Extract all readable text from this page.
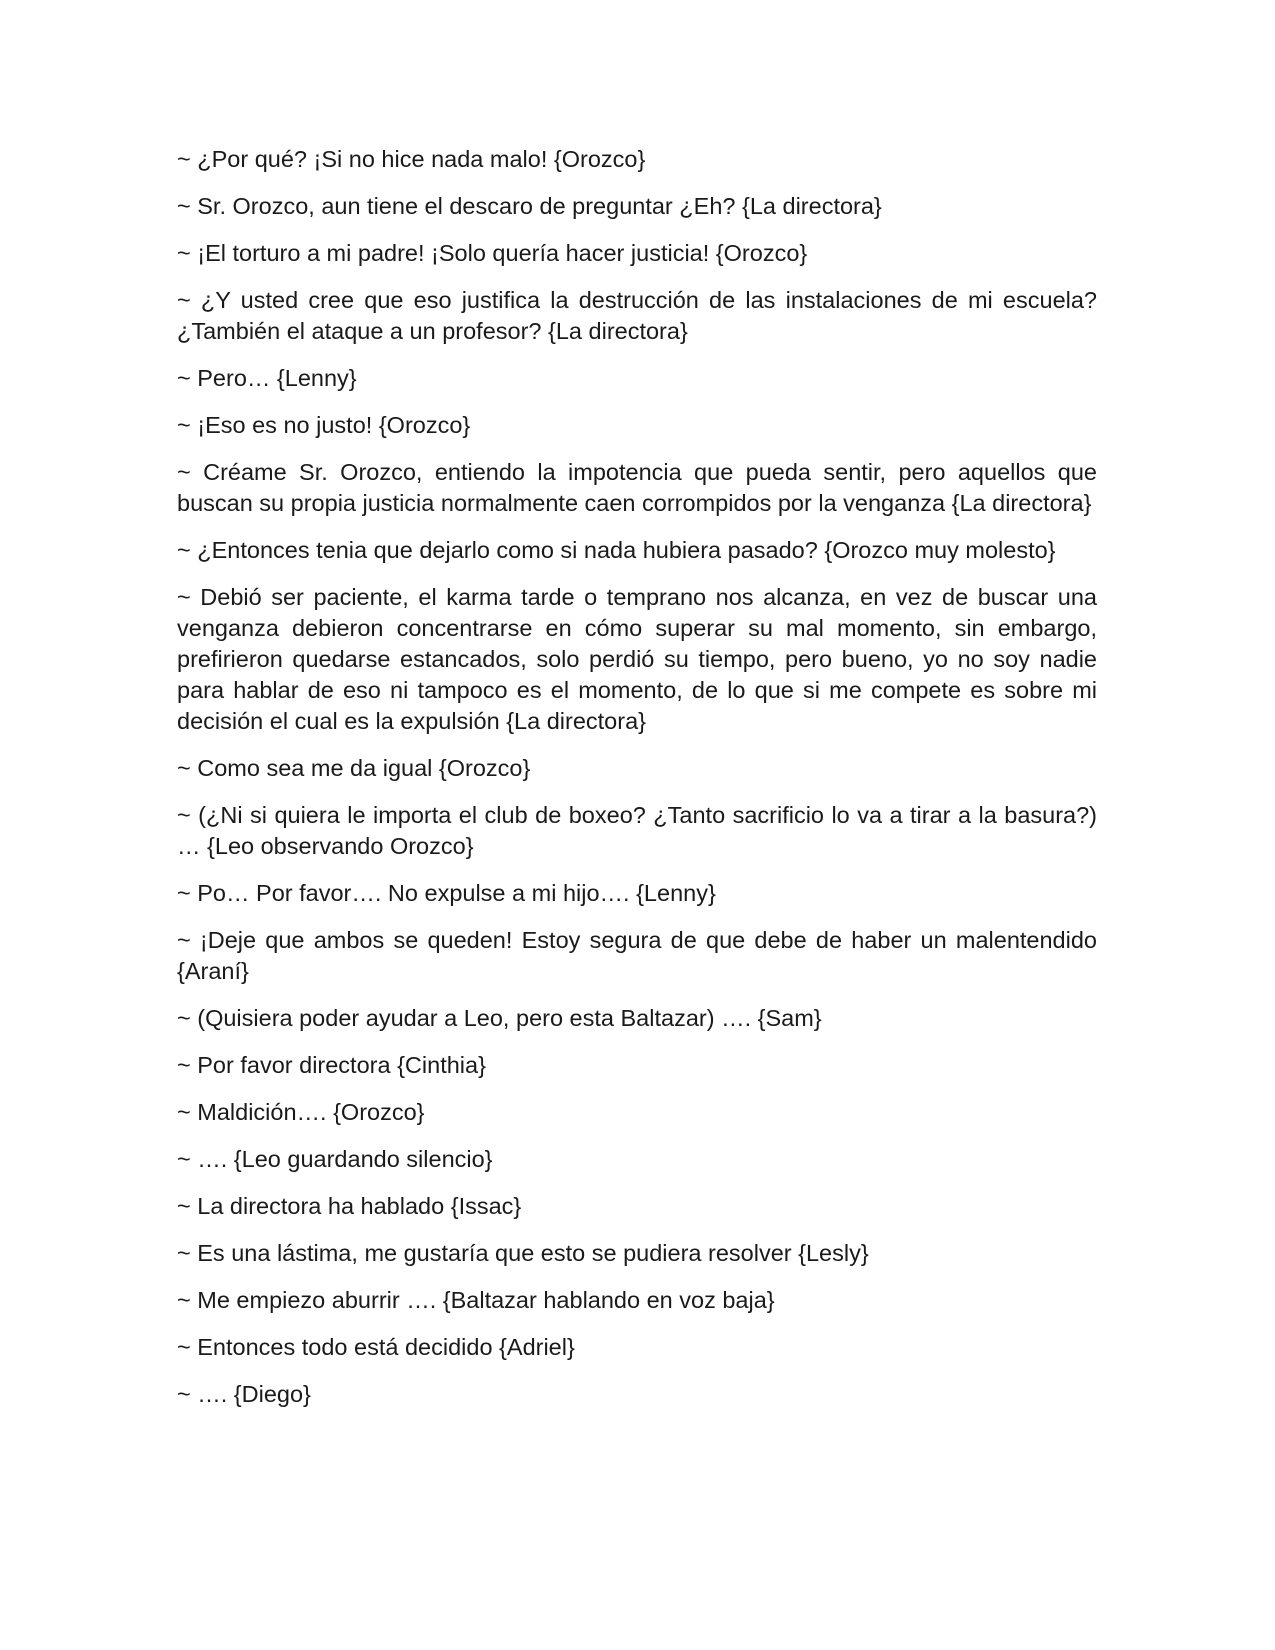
~ ¿Por qué? ¡Si no hice nada malo! {Orozco}

~ Sr. Orozco, aun tiene el descaro de preguntar ¿Eh? {La directora}

~ ¡El torturo a mi padre! ¡Solo quería hacer justicia! {Orozco}

~ ¿Y usted cree que eso justifica la destrucción de las instalaciones de mi escuela? ¿También el ataque a un profesor? {La directora}

~ Pero… {Lenny}

~ ¡Eso es no justo! {Orozco}

~ Créame Sr. Orozco, entiendo la impotencia que pueda sentir, pero aquellos que buscan su propia justicia normalmente caen corrompidos por la venganza {La directora}

~ ¿Entonces tenia que dejarlo como si nada hubiera pasado? {Orozco muy molesto}

~ Debió ser paciente, el karma tarde o temprano nos alcanza, en vez de buscar una venganza debieron concentrarse en cómo superar su mal momento, sin embargo, prefirieron quedarse estancados, solo perdió su tiempo, pero bueno, yo no soy nadie para hablar de eso ni tampoco es el momento, de lo que si me compete es sobre mi decisión el cual es la expulsión {La directora}

~ Como sea me da igual {Orozco}

~ (¿Ni si quiera le importa el club de boxeo? ¿Tanto sacrificio lo va a tirar a la basura?) … {Leo observando Orozco}

~ Po… Por favor…. No expulse a mi hijo…. {Lenny}

~ ¡Deje que ambos se queden! Estoy segura de que debe de haber un malentendido {Araní}

~ (Quisiera poder ayudar a Leo, pero esta Baltazar) …. {Sam}

~ Por favor directora {Cinthia}

~ Maldición…. {Orozco}

~ …. {Leo guardando silencio}

~ La directora ha hablado {Issac}

~ Es una lástima, me gustaría que esto se pudiera resolver {Lesly}

~ Me empiezo aburrir …. {Baltazar hablando en voz baja}

~ Entonces todo está decidido {Adriel}

~ …. {Diego}
